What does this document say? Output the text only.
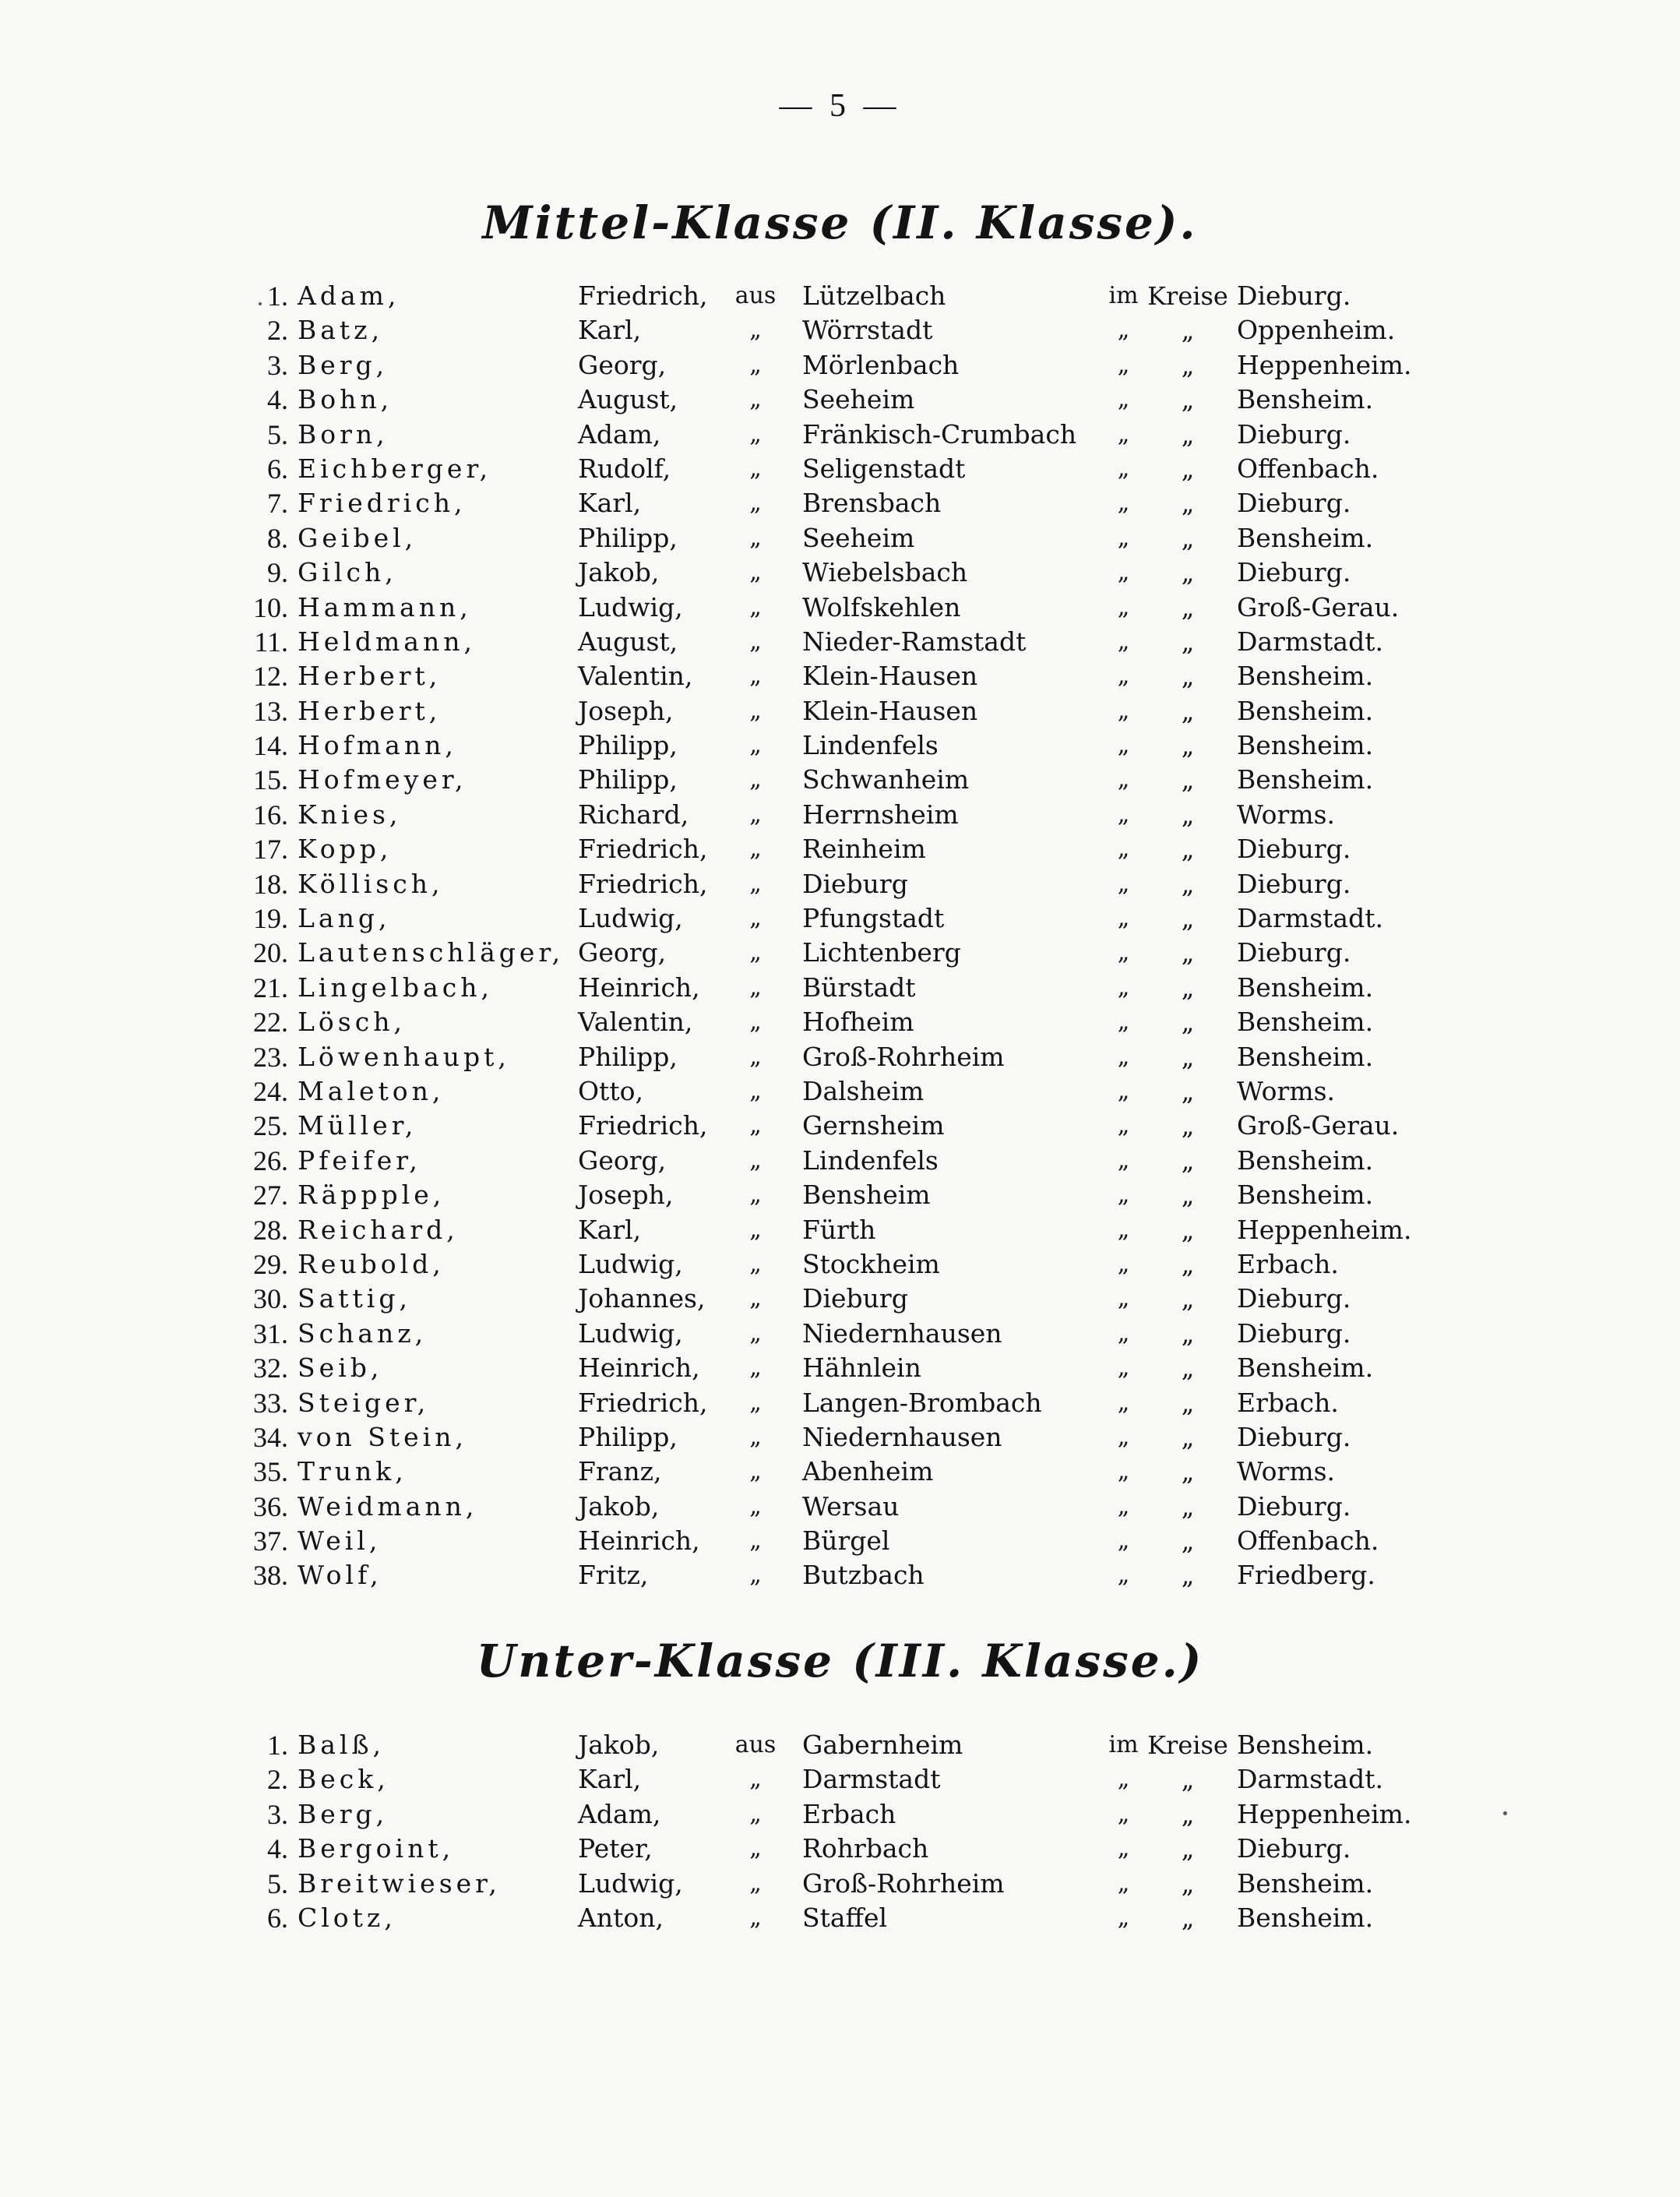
— 5 —
Mittel-Klasse (II. Klasse).
1. Adam,	Friedrich, aus Lützelbach	im Kreise Dieburg.
2. Batz,	Karl,	„	Wörrstadt	„	„	Oppenheim.
3. Berg,	Georg,	„	Mörlenbach	„	„	Heppenheim.
4. Bohn,	August,	„	Seeheim	„	„	Bensheim.
5. Born,	Adam,	„	Fränkisch-Crumbach	„	„	Dieburg.
6. Eichberger,	Rudolf,	„	Seligenstadt	„	„	Offenbach.
7. Friedrich,	Karl,	„	Brensbach	„	„	Dieburg.
8. Geibel,	Philipp,	„	Seeheim	„	„	Bensheim.
9. Gilch,	Jakob,	„	Wiebelsbach	„	„	Dieburg.
10. Hammann,	Ludwig,	„	Wolfskehlen	„	„	Groß-Gerau.
11. Heldmann,	August,	„	Nieder-Ramstadt	„	„	Darmstadt.
12. Herbert,	Valentin,	„	Klein-Hausen	„	„	Bensheim.
13. Herbert,	Joseph,	„	Klein-Hausen	„	„	Bensheim.
14. Hofmann,	Philipp,	„	Lindenfels	„	„	Bensheim.
15. Hofmeyer,	Philipp,	„	Schwanheim	„	„	Bensheim.
16. Knies,	Richard,	„	Herrnsheim	„	„	Worms.
17. Kopp,	Friedrich,	„	Reinheim	„	„	Dieburg.
18. Köllisch,	Friedrich,	„	Dieburg	„	„	Dieburg.
19. Lang,	Ludwig,	„	Pfungstadt	„	„	Darmstadt.
20. Lautenschläger, Georg,	„	Lichtenberg	„	„	Dieburg.
21. Lingelbach,	Heinrich,	„	Bürstadt	„	„	Bensheim.
22. Lösch,	Valentin,	„	Hofheim	„	„	Bensheim.
23. Löwenhaupt,	Philipp,	„	Groß-Rohrheim	„	„	Bensheim.
24. Maleton,	Otto,	„	Dalsheim	„	„	Worms.
25. Müller,	Friedrich,	„	Gernsheim	„	„	Groß-Gerau.
26. Pfeifer,	Georg,	„	Lindenfels	„	„	Bensheim.
27. Räppple,	Joseph,	„	Bensheim	„	„	Bensheim.
28. Reichard,	Karl,	„	Fürth	„	„	Heppenheim.
29. Reubold,	Ludwig,	„	Stockheim	„	„	Erbach.
30. Sattig,	Johannes,	„	Dieburg	„	„	Dieburg.
31. Schanz,	Ludwig,	„	Niedernhausen	„	„	Dieburg.
32. Seib,	Heinrich,	„	Hähnlein	„	„	Bensheim.
33. Steiger,	Friedrich,	„	Langen-Brombach	„	„	Erbach.
34. von Stein,	Philipp,	„	Niedernhausen	„	„	Dieburg.
35. Trunk,	Franz,	„	Abenheim	„	„	Worms.
36. Weidmann,	Jakob,	„	Wersau	„	„	Dieburg.
37. Weil,	Heinrich,	„	Bürgel	„	„	Offenbach.
38. Wolf,	Fritz,	„	Butzbach	„	„	Friedberg.
Unter-Klasse (III. Klasse.)
1. Balß,	Jakob,	aus Gabernheim	im Kreise Bensheim.
2. Beck,	Karl,	„	Darmstadt	„	„	Darmstadt.
3. Berg,	Adam,	„	Erbach	„	„	Heppenheim.
4. Bergoint,	Peter,	„	Rohrbach	„	„	Dieburg.
5. Breitwieser,	Ludwig,	„	Groß-Rohrheim	„	„	Bensheim.
6. Clotz,	Anton,	„	Staffel	„	„	Bensheim.
